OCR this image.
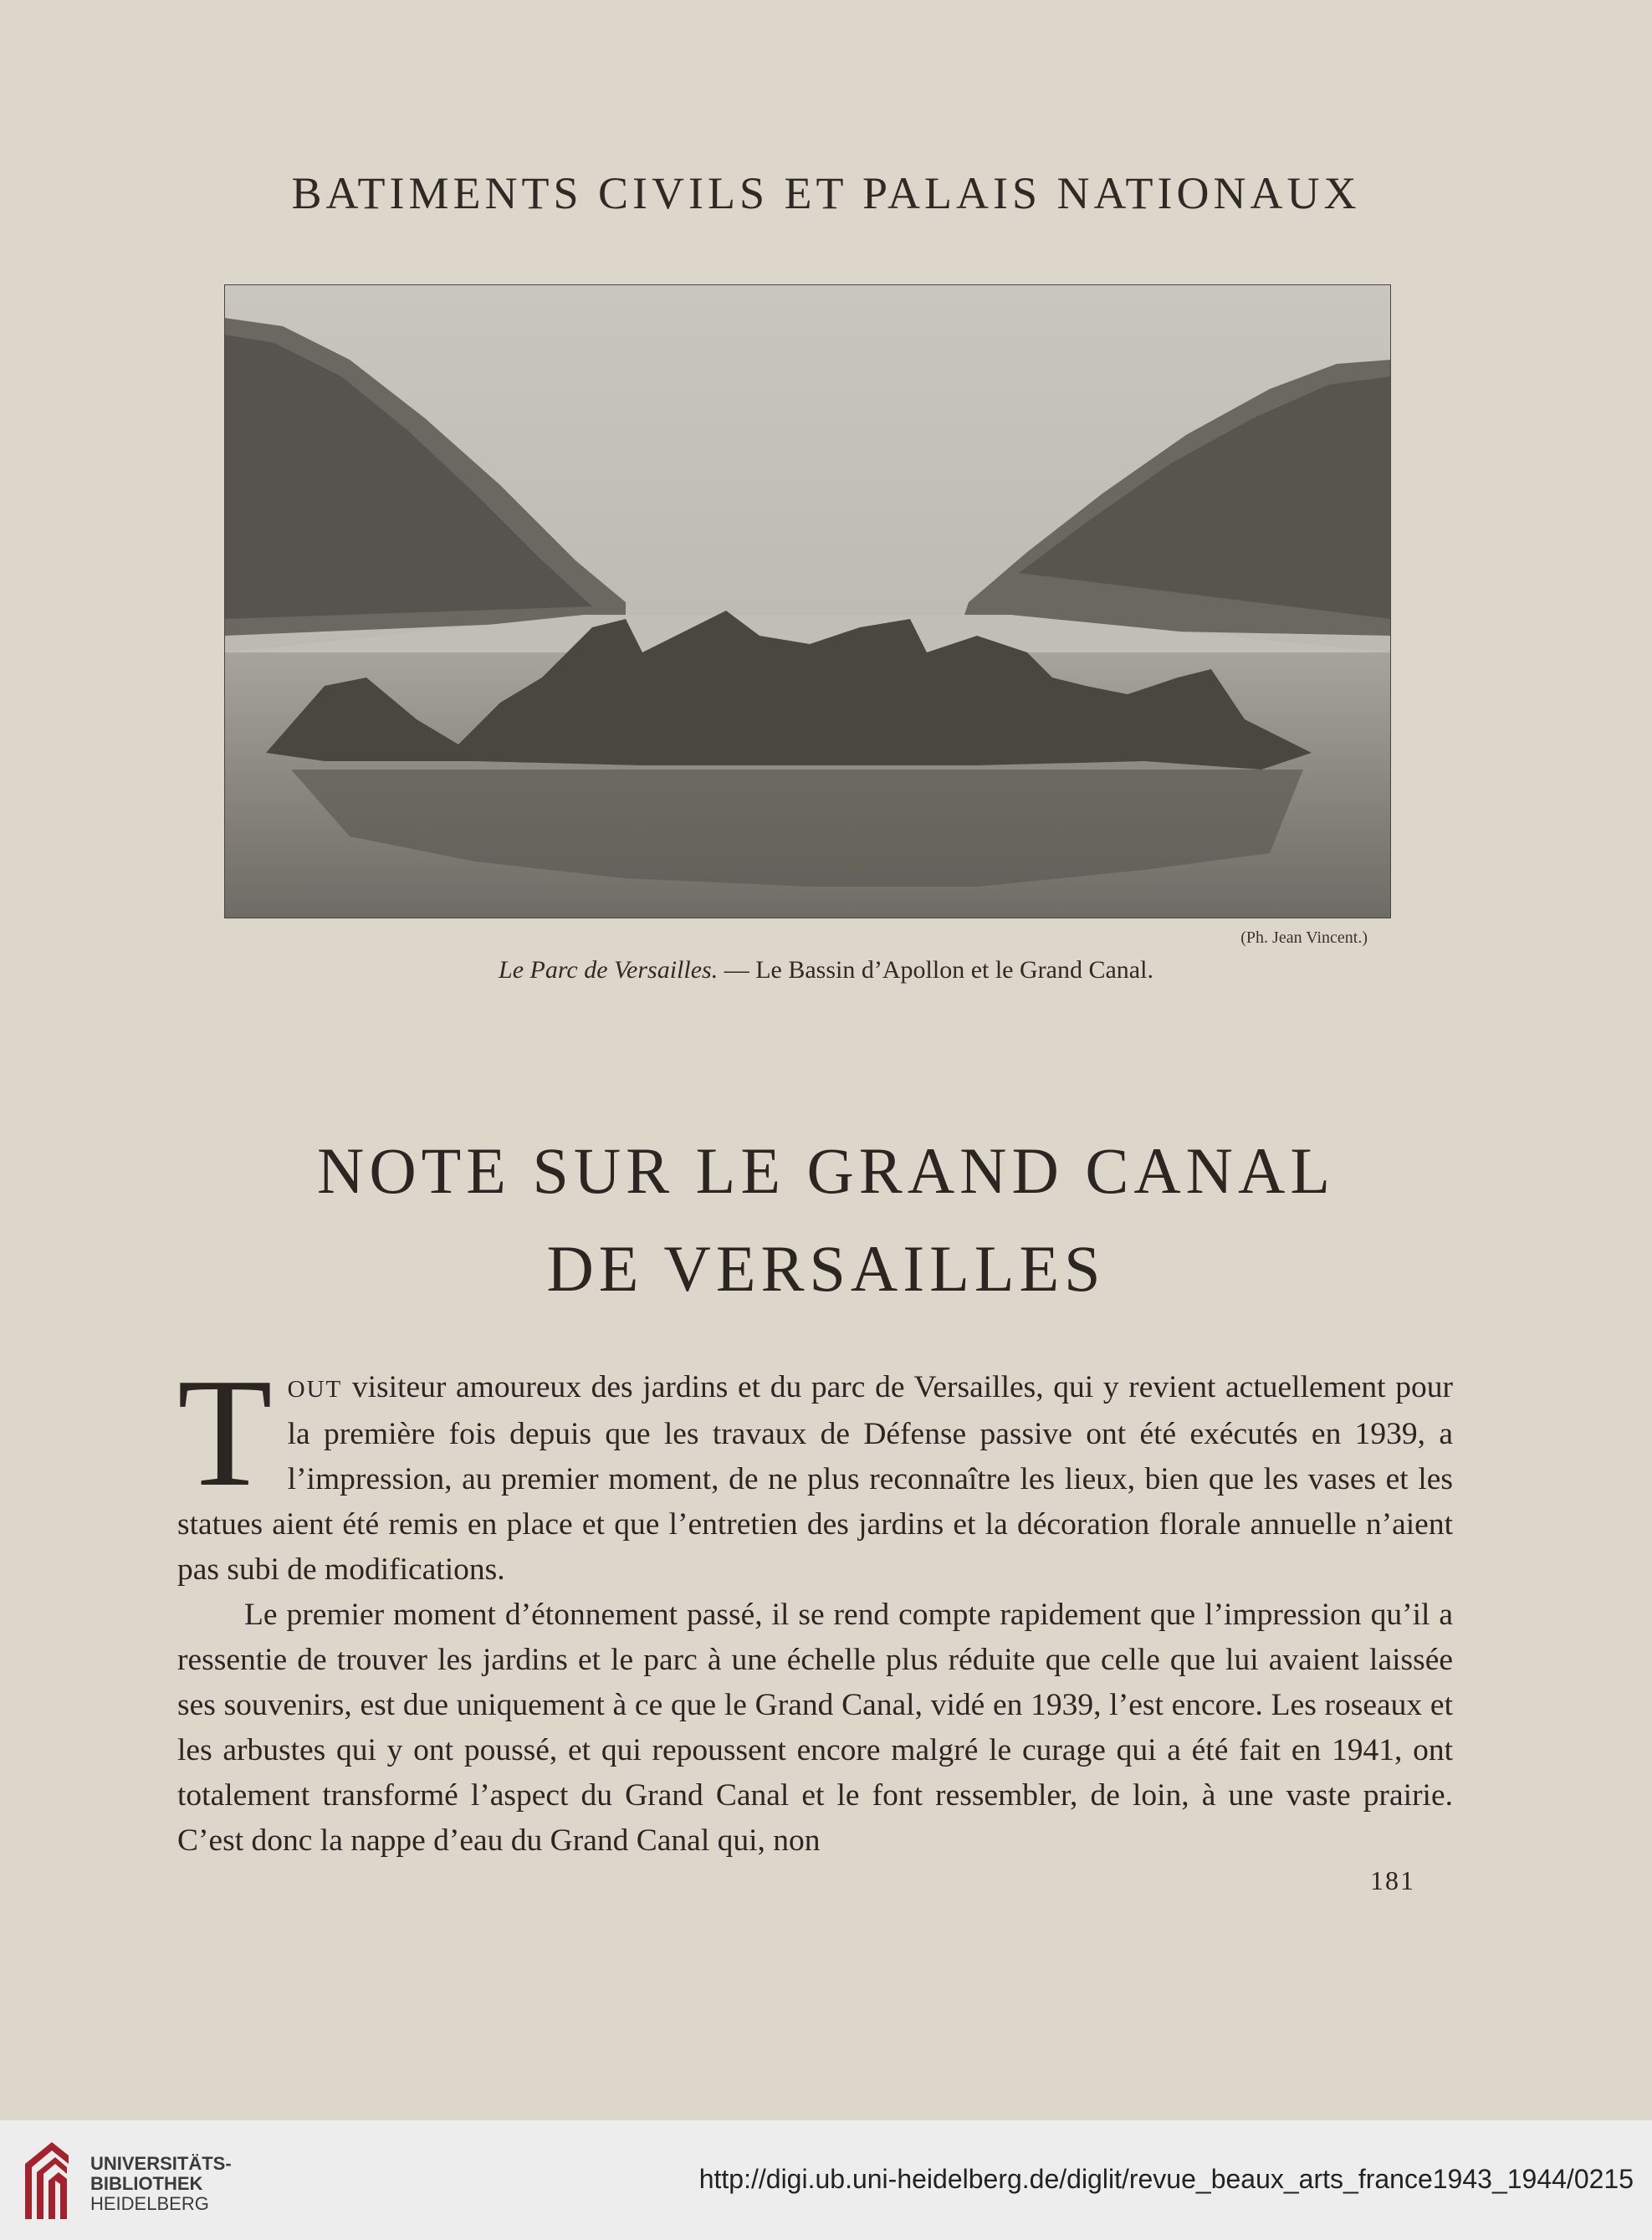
BATIMENTS CIVILS ET PALAIS NATIONAUX
(Ph. Jean Vincent.)
Le Parc de Versailles. — Le Bassin d’Apollon et le Grand Canal.
NOTE SUR LE GRAND CANAL
DE VERSAILLES

TOUT visiteur amoureux des jardins et du parc de Versailles, qui y revient actuellement pour la première fois depuis que les travaux de Défense passive ont été exécutés en 1939, a l’impression, au premier moment, de ne plus reconnaître les lieux, bien que les vases et les statues aient été remis en place et que l’entretien des jardins et la décoration florale annuelle n’aient pas subi de modifications.

Le premier moment d’étonnement passé, il se rend compte rapidement que l’impression qu’il a ressentie de trouver les jardins et le parc à une échelle plus réduite que celle que lui avaient laissée ses souvenirs, est due uniquement à ce que le Grand Canal, vidé en 1939, l’est encore. Les roseaux et les arbustes qui y ont poussé, et qui repoussent encore malgré le curage qui a été fait en 1941, ont totalement transformé l’aspect du Grand Canal et le font ressembler, de loin, à une vaste prairie. C’est donc la nappe d’eau du Grand Canal qui, non

181
UNIVERSITÄTS-
BIBLIOTHEK
HEIDELBERG
http://digi.ub.uni-heidelberg.de/diglit/revue_beaux_arts_france1943_1944/0215
